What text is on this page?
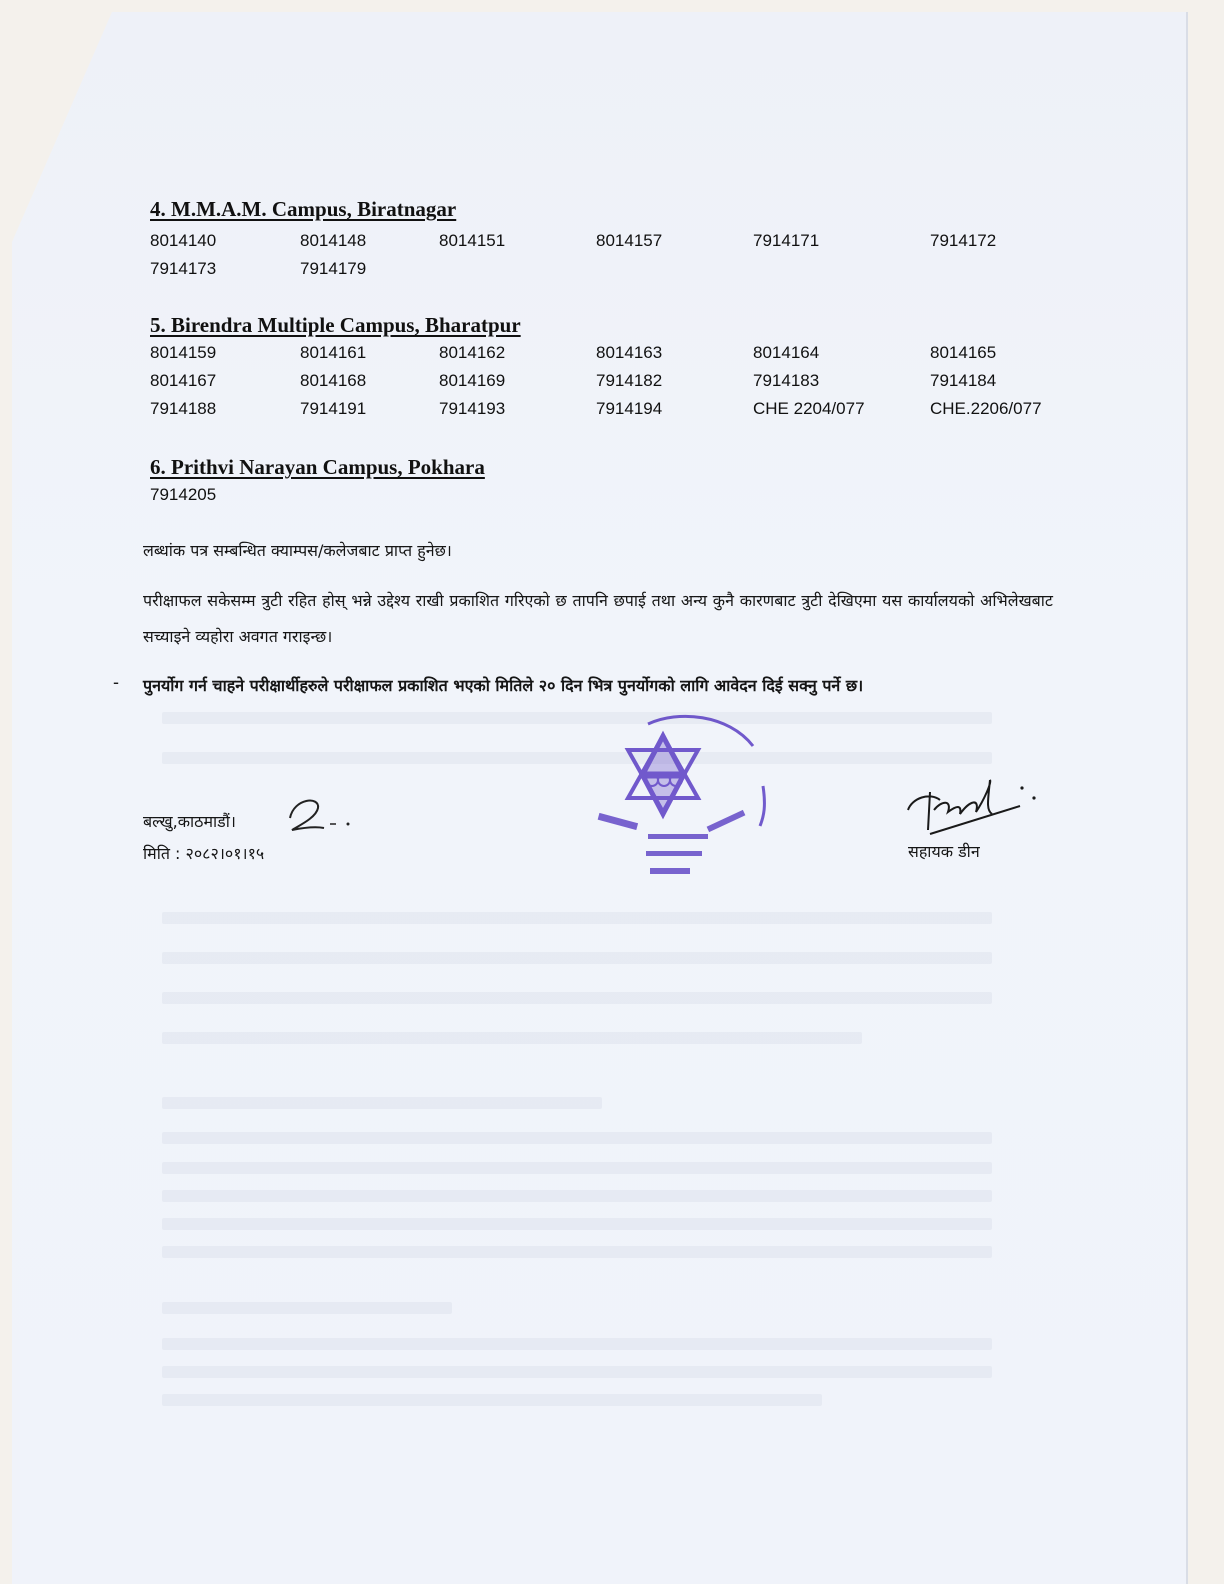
4. M.M.A.M. Campus, Biratnagar
8014140	8014148	8014151	8014157	7914171	7914172
7914173	7914179
5. Birendra Multiple Campus, Bharatpur
8014159	8014161	8014162	8014163	8014164	8014165
8014167	8014168	8014169	7914182	7914183	7914184
7914188	7914191	7914193	7914194	CHE 2204/077	CHE.2206/077
6. Prithvi Narayan Campus, Pokhara
7914205
लब्धांक पत्र सम्बन्धित क्याम्पस/कलेजबाट प्राप्त हुनेछ।
परीक्षाफल सकेसम्म त्रुटी रहित होस् भन्ने उद्देश्य राखी प्रकाशित गरिएको छ तापनि छपाई तथा अन्य कुनै कारणबाट त्रुटी देखिएमा यस कार्यालयको अभिलेखबाट सच्याइने व्यहोरा अवगत गराइन्छ।
- पुनर्योग गर्न चाहने परीक्षार्थीहरुले परीक्षाफल प्रकाशित भएको मितिले २० दिन भित्र पुनर्योगको लागि आवेदन दिई सक्नु पर्ने छ।
बल्खु,काठमाडौं।
मिति : २०८२।०१।१५	सहायक डीन
